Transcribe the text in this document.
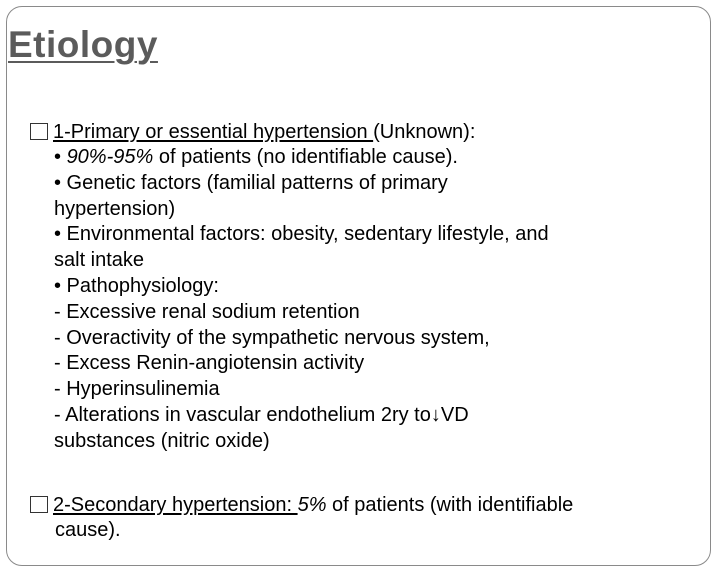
Etiology
1-Primary or essential hypertension (Unknown):
• 90%-95% of patients (no identifiable cause).
• Genetic factors (familial patterns of primary
hypertension)
• Environmental factors: obesity, sedentary lifestyle, and
salt intake
• Pathophysiology:
- Excessive renal sodium retention
- Overactivity of the sympathetic nervous system,
- Excess Renin-angiotensin activity
- Hyperinsulinemia
- Alterations in vascular endothelium 2ry to↓VD
substances (nitric oxide)
2-Secondary hypertension: 5% of patients (with identifiable
cause).
